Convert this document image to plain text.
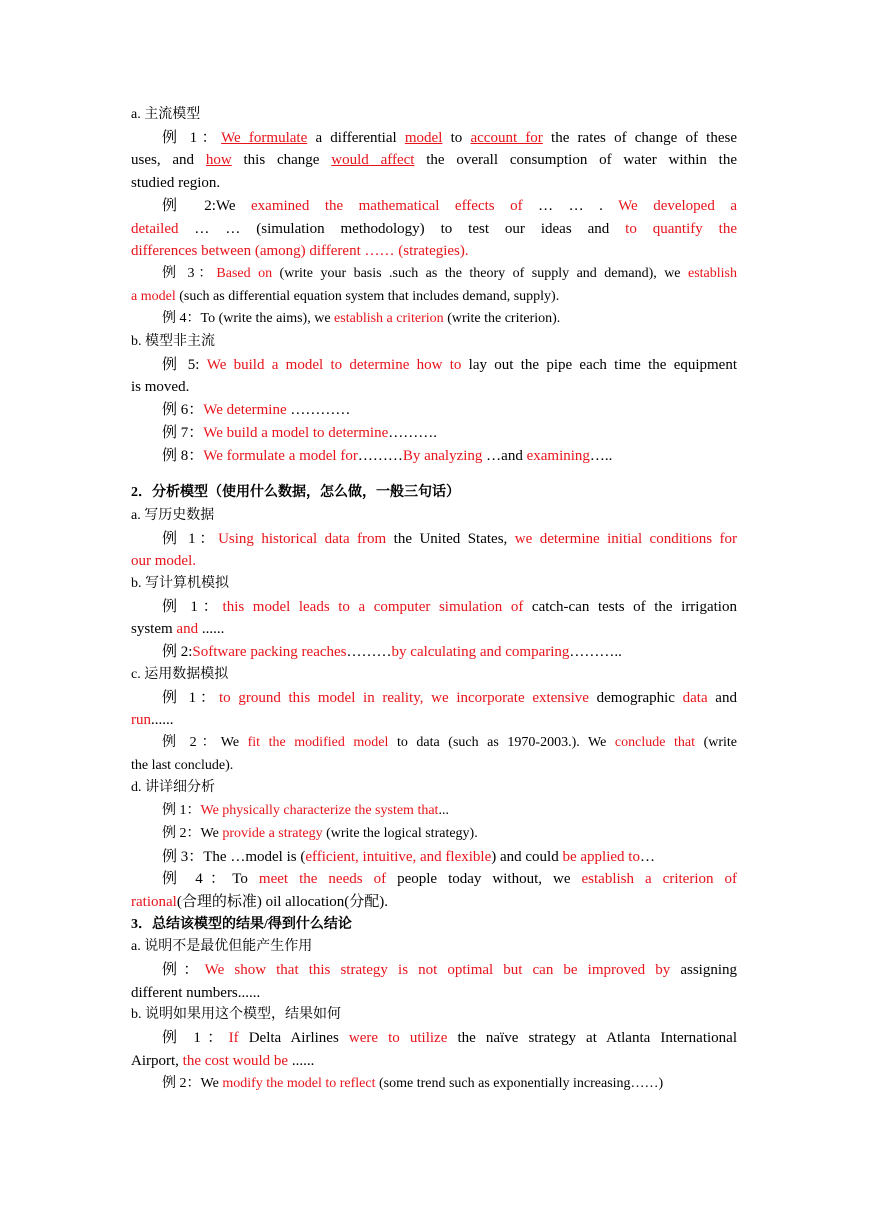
a. 主流模型
例 1：We formulate a differential model to account for the rates of change of these
uses, and how this change would affect the overall consumption of water within the
studied region.
例 2:We examined the mathematical effects of … … . We developed a
detailed … … (simulation methodology) to test our ideas and to quantify the
differences between (among) different …… (strategies).
例 3：Based on (write your basis .such as the theory of supply and demand), we establish
a model (such as differential equation system that includes demand, supply).
例 4：To (write the aims), we establish a criterion (write the criterion).
b. 模型非主流
例 5: We build a model to determine how to lay out the pipe each time the equipment
is moved.
例 6：We determine …………
例 7：We build a model to determine……….
例 8：We formulate a model for………By analyzing …and examining…..
2．分析模型（使用什么数据，怎么做，一般三句话）
a. 写历史数据
例 1：Using historical data from the United States, we determine initial conditions for
our model.
b. 写计算机模拟
例 1：this model leads to a computer simulation of catch-can tests of the irrigation
system and ......
例 2:Software packing reaches………by calculating and comparing………..
c. 运用数据模拟
例 1：to ground this model in reality, we incorporate extensive demographic data and
run......
例 2：We fit the modified model to data (such as 1970-2003.). We conclude that (write
the last conclude).
d. 讲详细分析
例 1：We physically characterize the system that...
例 2：We provide a strategy (write the logical strategy).
例 3：The …model is (efficient, intuitive, and flexible) and could be applied to…
例 4：To meet the needs of people today without, we establish a criterion of
rational(合理的标准) oil allocation(分配).
3．总结该模型的结果/得到什么结论
a. 说明不是最优但能产生作用
例：We show that this strategy is not optimal but can be improved by assigning
different numbers......
b. 说明如果用这个模型，结果如何
例 1：If Delta Airlines were to utilize the naïve strategy at Atlanta International
Airport, the cost would be ......
例 2：We modify the model to reflect (some trend such as exponentially increasing……)
